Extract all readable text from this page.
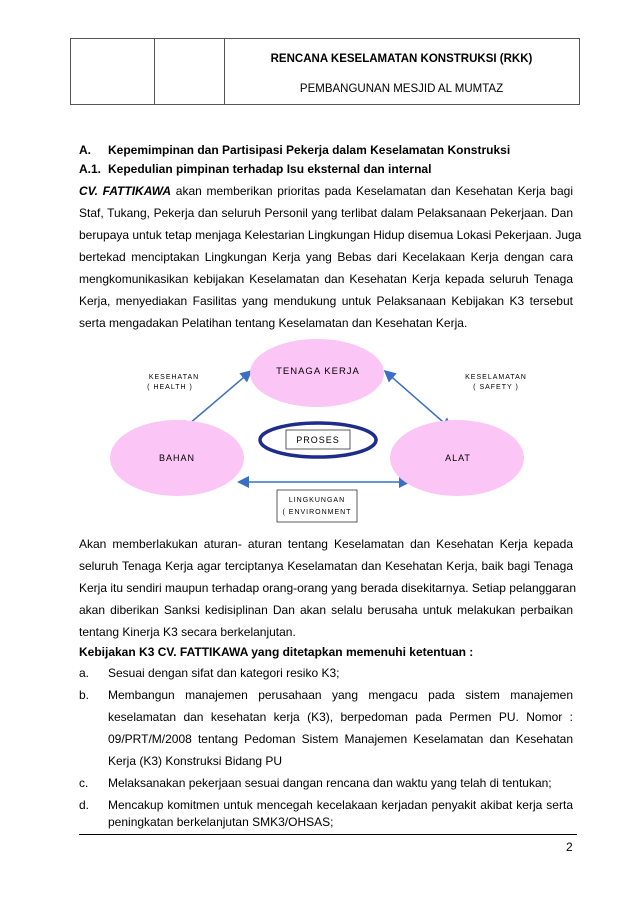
RENCANA KESELAMATAN KONSTRUKSI (RKK)
PEMBANGUNAN MESJID AL MUMTAZ
A. Kepemimpinan dan Partisipasi Pekerja dalam Keselamatan Konstruksi
A.1. Kepedulian pimpinan terhadap Isu eksternal dan internal
CV. FATTIKAWA akan memberikan prioritas pada Keselamatan dan Kesehatan Kerja bagi
Staf, Tukang, Pekerja dan seluruh Personil yang terlibat dalam Pelaksanaan Pekerjaan. Dan
berupaya untuk tetap menjaga Kelestarian Lingkungan Hidup disemua Lokasi Pekerjaan. Juga
bertekad menciptakan Lingkungan Kerja yang Bebas dari Kecelakaan Kerja dengan cara
mengkomunikasikan kebijakan Keselamatan dan Kesehatan Kerja kepada seluruh Tenaga
Kerja, menyediakan Fasilitas yang mendukung untuk Pelaksanaan Kebijakan K3 tersebut
serta mengadakan Pelatihan tentang Keselamatan dan Kesehatan Kerja.
TENAGA KERJA
BAHAN	ALAT
PROSES
KESEHATAN
( HEALTH )
KESELAMATAN
( SAFETY )
LINGKUNGAN
( ENVIRONMENT
Akan memberlakukan aturan- aturan tentang Keselamatan dan Kesehatan Kerja kepada
seluruh Tenaga Kerja agar terciptanya Keselamatan dan Kesehatan Kerja, baik bagi Tenaga
Kerja itu sendiri maupun terhadap orang-orang yang berada disekitarnya. Setiap pelanggaran
akan diberikan Sanksi kedisiplinan Dan akan selalu berusaha untuk melakukan perbaikan
tentang Kinerja K3 secara berkelanjutan.
Kebijakan K3 CV. FATTIKAWA yang ditetapkan memenuhi ketentuan :
a. Sesuai dengan sifat dan kategori resiko K3;
b. Membangun manajemen perusahaan yang mengacu pada sistem manajemen
keselamatan dan kesehatan kerja (K3), berpedoman pada Permen PU. Nomor :
09/PRT/M/2008 tentang Pedoman Sistem Manajemen Keselamatan dan Kesehatan
Kerja (K3) Konstruksi Bidang PU
c. Melaksanakan pekerjaan sesuai dangan rencana dan waktu yang telah di tentukan;
d. Mencakup komitmen untuk mencegah kecelakaan kerjadan penyakit akibat kerja serta
peningkatan berkelanjutan SMK3/OHSAS;
2
